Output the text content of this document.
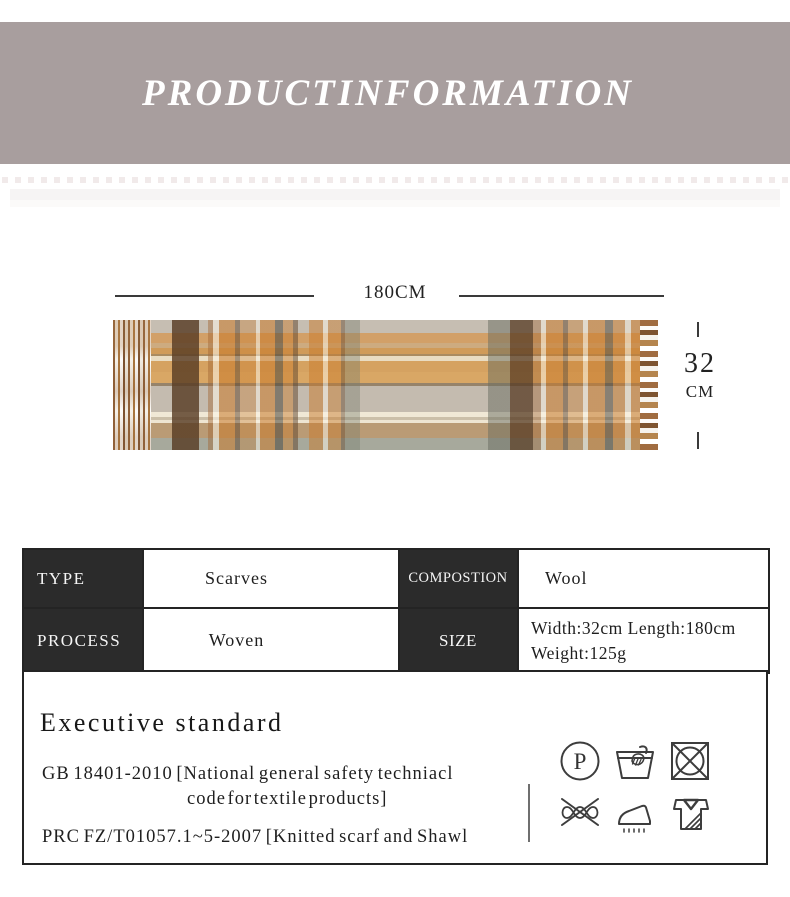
PRODUCTINFORMATION
180CM
32
CM
TYPE	Scarves	COMPOSTION	Wool
PROCESS	Woven	SIZE	Width:32cm Length:180cm
Weight:125g
Executive standard
GB 18401-2010 [National general safety techniacl
code for textile products]
PRC FZ/T01057.1~5-2007 [Knitted scarf and Shawl
P
